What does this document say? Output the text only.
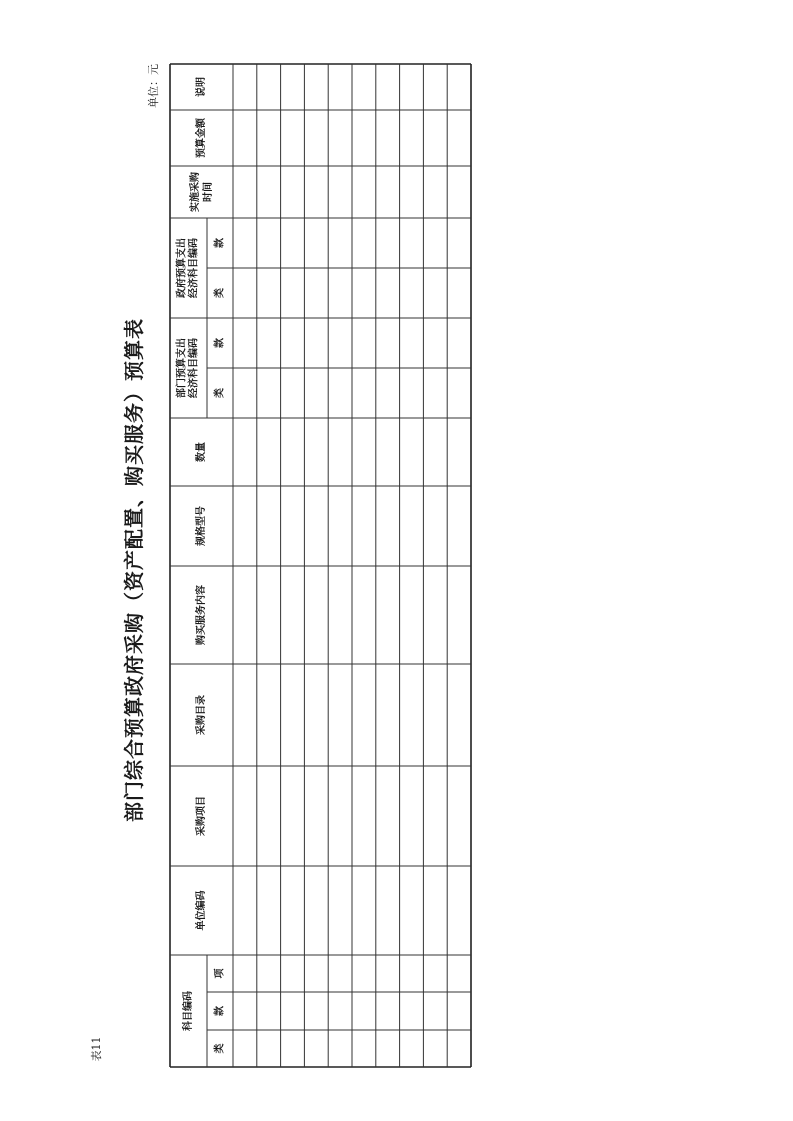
表11
单位：元
部门综合预算政府采购（资产配置、购买服务）预算表
说明
预算金额
实施采购 时间
政府预算支出 经济科目编码 类
款
部门预算支出 经济科目编码 类
款
数量
规格型号
购买服务内容
采购目录
采购项目
单位编码
科目编码
类
款
项
